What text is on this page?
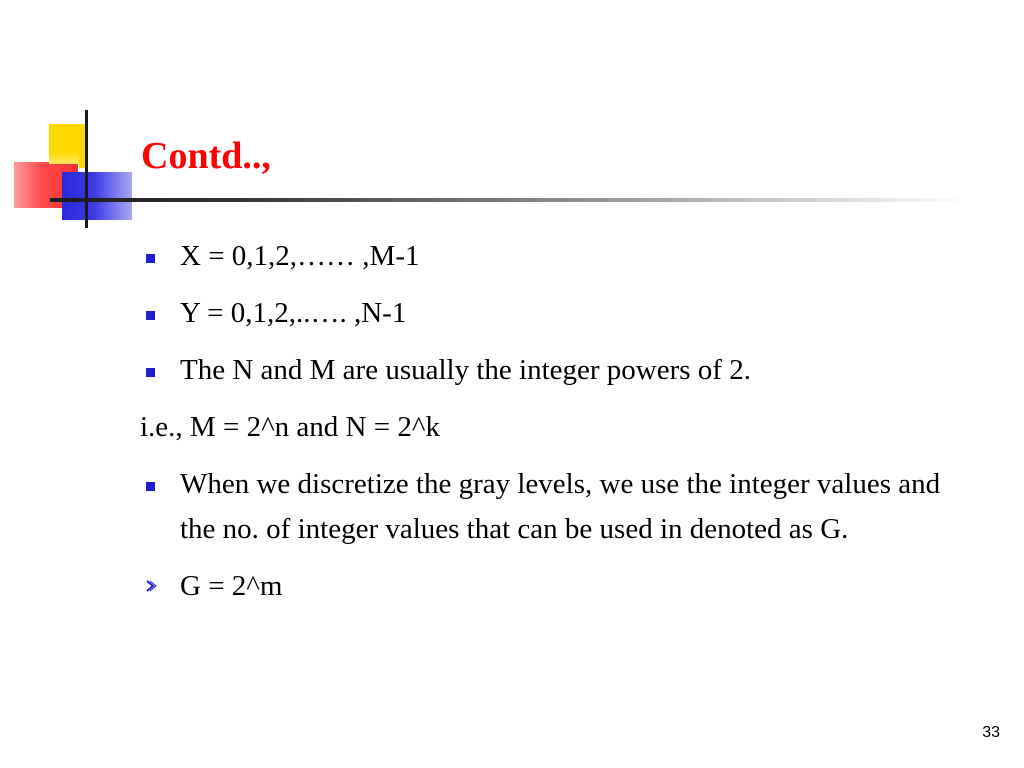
Contd..,
X = 0,1,2,…… ,M-1
Y = 0,1,2,..…. ,N-1
The N and M are usually the integer powers of 2.
i.e., M = 2^n and N = 2^k
When we discretize the gray levels, we use the integer values and the no. of integer values that can be used in denoted as G.
G = 2^m
33
